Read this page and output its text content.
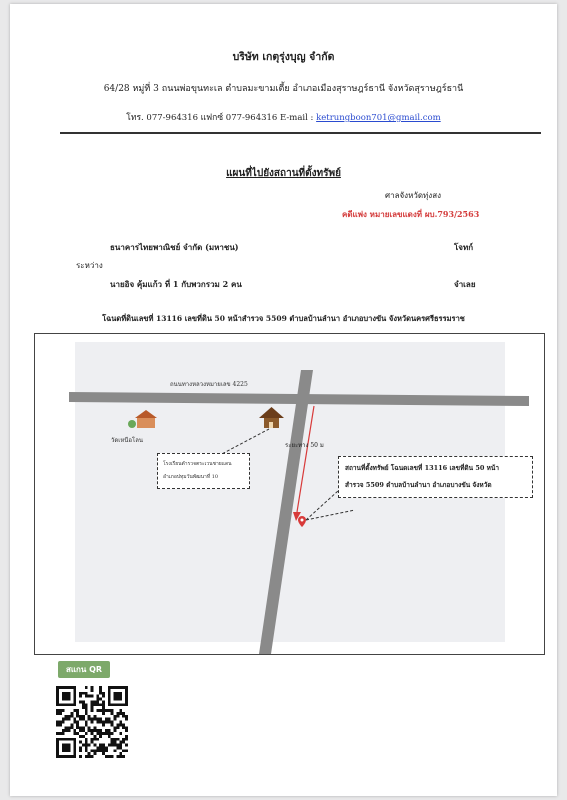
บริษัท เกตุรุ่งบุญ จำกัด
64/28 หมู่ที่ 3 ถนนพ่อขุนทะเล ตำบลมะขามเตี้ย อำเภอเมืองสุราษฎร์ธานี จังหวัดสุราษฎร์ธานี
โทร. 077-964316 แฟกซ์ 077-964316 E-mail : ketrungboon701@gmail.com
แผนที่ไปยังสถานที่ตั้งทรัพย์
ศาลจังหวัดทุ่งสง
คดีแพ่ง หมายเลขแดงที่ ผบ.793/2563
ธนาคารไทยพาณิชย์ จำกัด (มหาชน)	โจทก์
ระหว่าง
นายอิจ คุ้มแก้ว ที่ 1 กับพวกรวม 2 คน	จำเลย
โฉนดที่ดินเลขที่ 13116 เลขที่ดิน 50 หน้าสำรวจ 5509 ตำบลบ้านลำนา อำเภอบางขัน จังหวัดนครศรีธรรมราช
ถนนทางหลวงหมายเลข 4225
วัดเหนือโลน
ระยะทาง 50 ม
โรงเรียนตำรวจตระเวนชายแดน
อำเภอปทุมวันพัฒนาที่ 10
สถานที่ตั้งทรัพย์ โฉนดเลขที่ 13116 เลขที่ดิน 50 หน้า
สำรวจ 5509 ตำบลบ้านลำนา อำเภอบางขัน จังหวัด
สแกน QR
